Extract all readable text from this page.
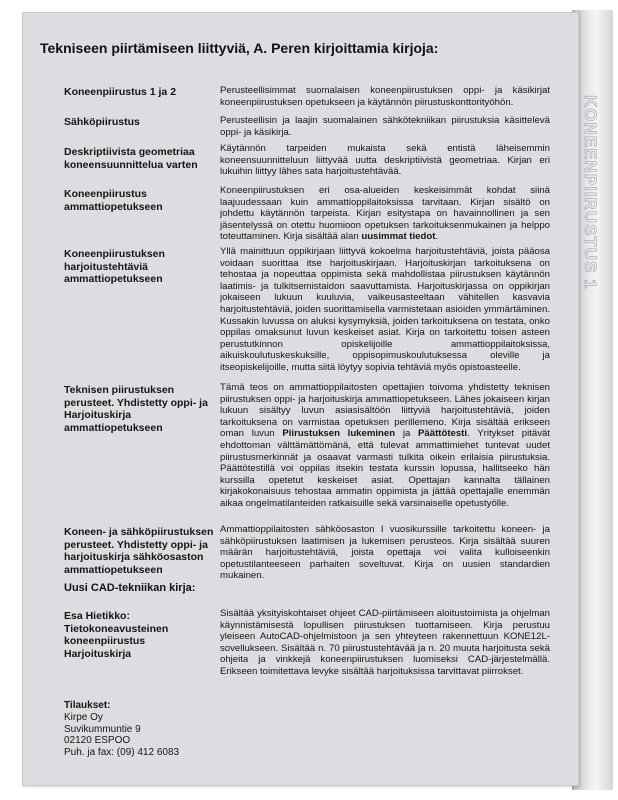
KONEENPIIRUSTUS 1
Tekniseen piirtämiseen liittyviä, A. Peren kirjoittamia kirjoja:
Koneenpiirustus 1 ja 2	Perusteellisimmat suomalaisen koneenpiirustuksen oppi- ja käsikirjat koneenpiirustuksen opetukseen ja käytännön piirustuskonttorityöhön.
Sähköpiirustus	Perusteellisin ja laajin suomalainen sähkötekniikan piirustuksia käsittelevä oppi- ja käsikirja.
Deskriptiivista geometriaa
koneensuunnittelua varten
Käytännön tarpeiden mukaista sekä entistä läheisemmin koneensuunnitteluun liittyvää uutta deskriptiivistä geometriaa. Kirjan eri lukuihin liittyy lähes sata harjoitustehtävää.
Koneenpiirustus
ammattiopetukseen
Koneenpiirustuksen eri osa-alueiden keskeisimmät kohdat siinä laajuudessaan kuin ammattioppilaitoksissa tarvitaan. Kirjan sisältö on johdettu käytännön tarpeista. Kirjan esitystapa on havainnollinen ja sen jäsentelyssä on otettu huomioon opetuksen tarkoituksenmukainen ja helppo toteuttaminen. Kirja sisältää alan uusimmat tiedot.
Koneenpiirustuksen
harjoitustehtäviä
ammattiopetukseen
Yllä mainittuun oppikirjaan liittyvä kokoelma harjoitustehtäviä, joista pääosa voidaan suorittaa itse harjoituskirjaan. Harjoituskirjan tarkoituksena on tehostaa ja nopeuttaa oppimista sekä mahdollistaa piirustuksen käytännön laatimis- ja tulkitsemistaidon saavuttamista. Harjoituskirjassa on oppikirjan jokaiseen lukuun kuuluvia, vaikeusasteeltaan vähitellen kasvavia harjoitustehtäviä, joiden suorittamisella varmistetaan asioiden ymmärtäminen. Kussakin luvussa on aluksi kysymyksiä, joiden tarkoituksena on testata, onko oppilas omaksunut luvun keskeiset asiat. Kirja on tarkoitettu toisen asteen perustutkinnon opiskelijoille ammattioppilaitoksissa, aikuiskoulutuskeskuksille, oppisopimuskoulutuksessa oleville ja itseopiskelijoille, mutta siitä löytyy sopivia tehtäviä myös opistoasteelle.
Teknisen piirustuksen
perusteet. Yhdistetty oppi- ja
Harjoituskirja
ammattiopetukseen
Tämä teos on ammattioppilaitosten opettajien toivoma yhdistetty teknisen piirustuksen oppi- ja harjoituskirja ammattiopetukseen. Lähes jokaiseen kirjan lukuun sisältyy luvun asiasisältöön liittyviä harjoitustehtäviä, joiden tarkoituksena on varmistaa opetuksen perillemeno. Kirja sisältää erikseen oman luvun Piirustuksen lukeminen ja Päättötesti. Yritykset pitävät ehdottoman välttämättömänä, että tulevat ammattimiehet tuntevat uudet piirustusmerkinnät ja osaavat varmasti tulkita oikein erilaisia piirustuksia. Päättötestillä voi oppilas itsekin testata kurssin lopussa, hallitseeko hän kurssilla opetetut keskeiset asiat. Opettajan kannalta tällainen kirjakokonaisuus tehostaa ammatin oppimista ja jättää opettajalle enemmän aikaa ongelmatilanteiden ratkaisuille sekä varsinaiselle opetustyölle.
Koneen- ja sähköpiirustuksen
perusteet. Yhdistetty oppi- ja
harjoituskirja sähköosaston
ammattiopetukseen
Ammattioppilaitosten sähköosaston I vuosikurssille tarkoitettu koneen- ja sähköpiirustuksen laatimisen ja lukemisen perusteos. Kirja sisältää suuren määrän harjoitustehtäviä, joista opettaja voi valita kulloiseenkin opetustilanteeseen parhaiten soveltuvat. Kirja on uusien standardien mukainen.
Uusi CAD-tekniikan kirja:
Esa Hietikko:
Tietokoneavusteinen
koneenpiirustus
Harjoituskirja
Sisältää yksityiskohtaiset ohjeet CAD-piirtämiseen aloitustoimista ja ohjelman käynnistämisestä lopullisen piirustuksen tuottamiseen. Kirja perustuu yleiseen AutoCAD-ohjelmistoon ja sen yhteyteen rakennettuun KONE12L-sovellukseen. Sisältää n. 70 piirustustehtävää ja n. 20 muuta harjoitusta sekä ohjeita ja vinkkejä koneenpiirustuksen luomiseksi CAD-järjestelmällä. Erikseen toimitettava levyke sisältää harjoituksissa tarvittavat piirrokset.
Tilaukset:
Kirpe Oy
Suvikummuntie 9
02120 ESPOO
Puh. ja fax: (09) 412 6083
